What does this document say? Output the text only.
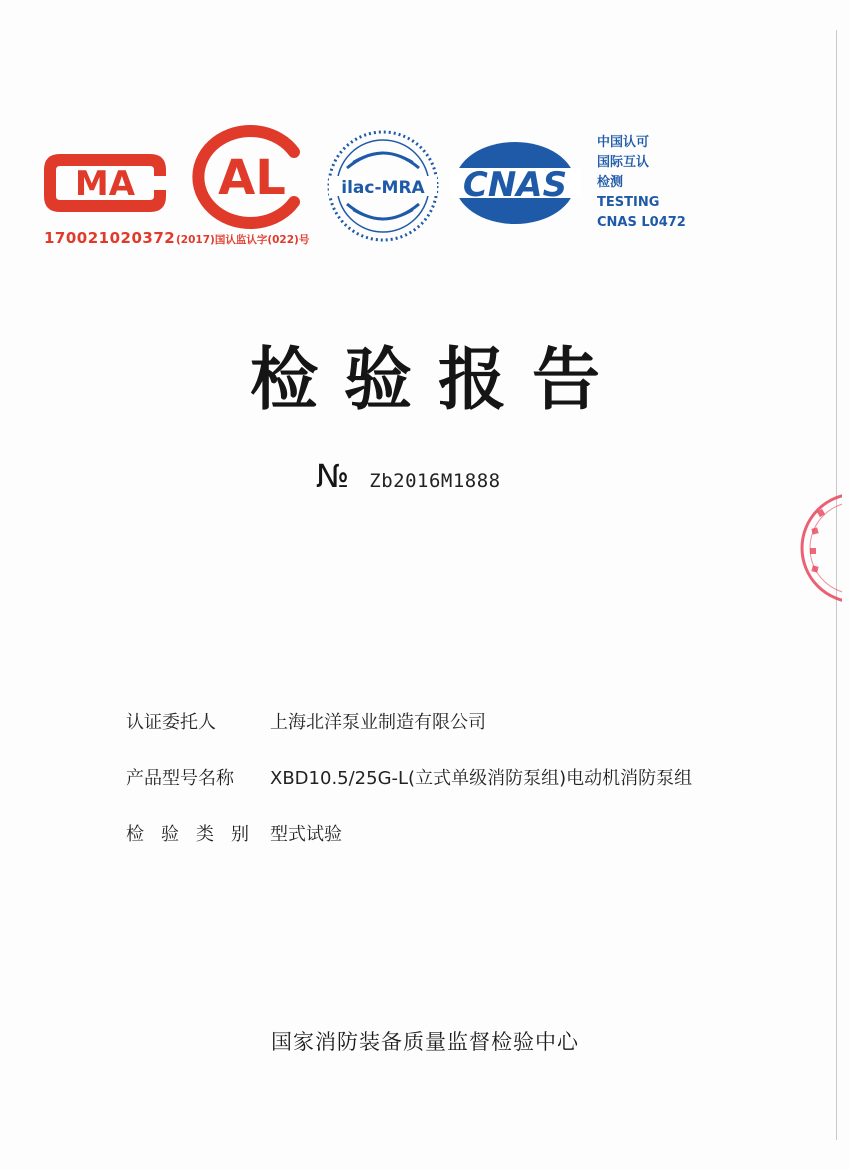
MA
170021020372
AL
(2017)国认监认字(022)号
ilac-MRA CNAS
中国认可
国际互认
检测
TESTING
CNAS L0472
检验报告
№ Zb2016M1888
认证委托人	上海北洋泵业制造有限公司
产品型号名称 XBD10.5/25G-L(立式单级消防泵组)电动机消防泵组
检验类别 型式试验
国家消防装备质量监督检验中心
